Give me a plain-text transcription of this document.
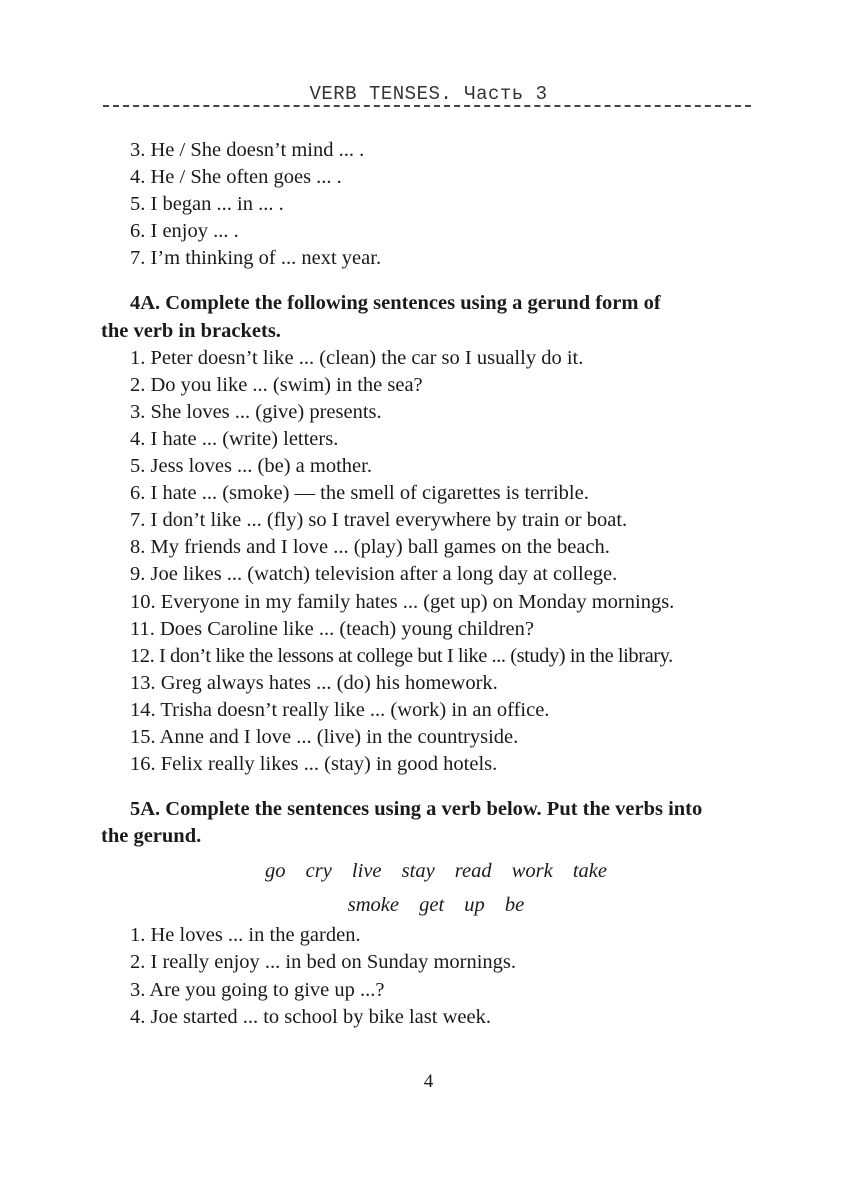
VERB TENSES. Часть 3
3. He / She doesn’t mind ... .
4. He / She often goes ... .
5. I began ... in ... .
6. I enjoy ... .
7. I’m thinking of ... next year.
4A. Complete the following sentences using a gerund form of
the verb in brackets.
1. Peter doesn’t like ... (clean) the car so I usually do it.
2. Do you like ... (swim) in the sea?
3. She loves ... (give) presents.
4. I hate ... (write) letters.
5. Jess loves ... (be) a mother.
6. I hate ... (smoke) — the smell of cigarettes is terrible.
7. I don’t like ... (fly) so I travel everywhere by train or boat.
8. My friends and I love ... (play) ball games on the beach.
9. Joe likes ... (watch) television after a long day at college.
10. Everyone in my family hates ... (get up) on Monday mornings.
11. Does Caroline like ... (teach) young children?
12. I don’t like the lessons at college but I like ... (study) in the library.
13. Greg always hates ... (do) his homework.
14. Trisha doesn’t really like ... (work) in an office.
15. Anne and I love ... (live) in the countryside.
16. Felix really likes ... (stay) in good hotels.
5A. Complete the sentences using a verb below. Put the verbs into
the gerund.
go cry live stay read work take
smoke get up be
1. He loves ... in the garden.
2. I really enjoy ... in bed on Sunday mornings.
3. Are you going to give up ...?
4. Joe started ... to school by bike last week.
4
